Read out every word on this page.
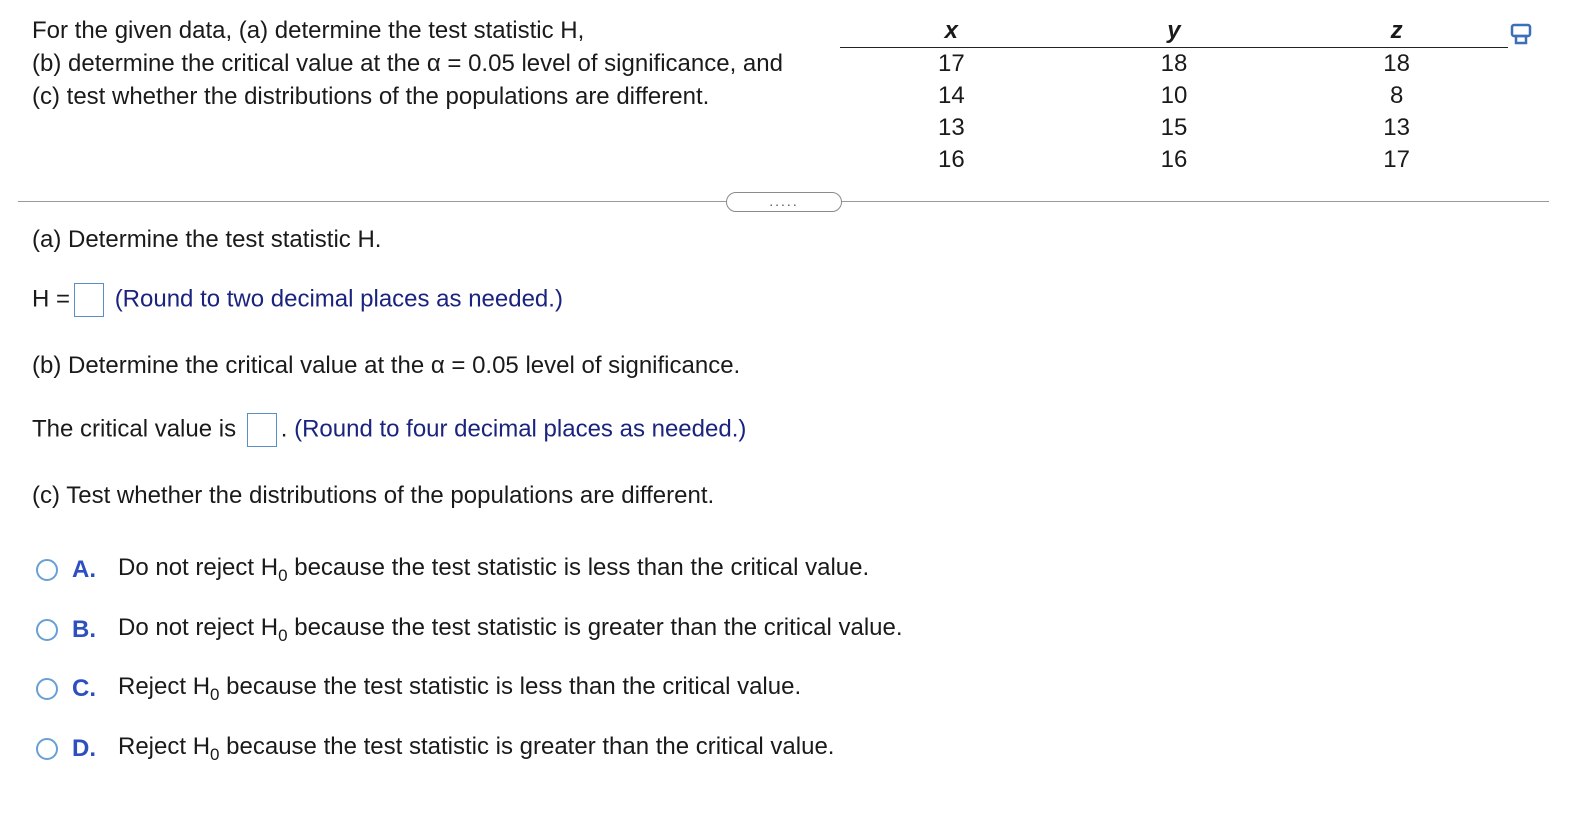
For the given data, (a) determine the test statistic H,
(b) determine the critical value at the α = 0.05 level of significance, and
(c) test whether the distributions of the populations are different.
x	y	z
17	18	18
14	10	8
13	15	13
16	16	17
.....
(a) Determine the test statistic H.
H = (Round to two decimal places as needed.)
(b) Determine the critical value at the α = 0.05 level of significance.
The critical value is . (Round to four decimal places as needed.)
(c) Test whether the distributions of the populations are different.
A. Do not reject $H_0$ because the test statistic is less than the critical value.
B. Do not reject $H_0$ because the test statistic is greater than the critical value.
C. Reject $H_0$ because the test statistic is less than the critical value.
D. Reject $H_0$ because the test statistic is greater than the critical value.
